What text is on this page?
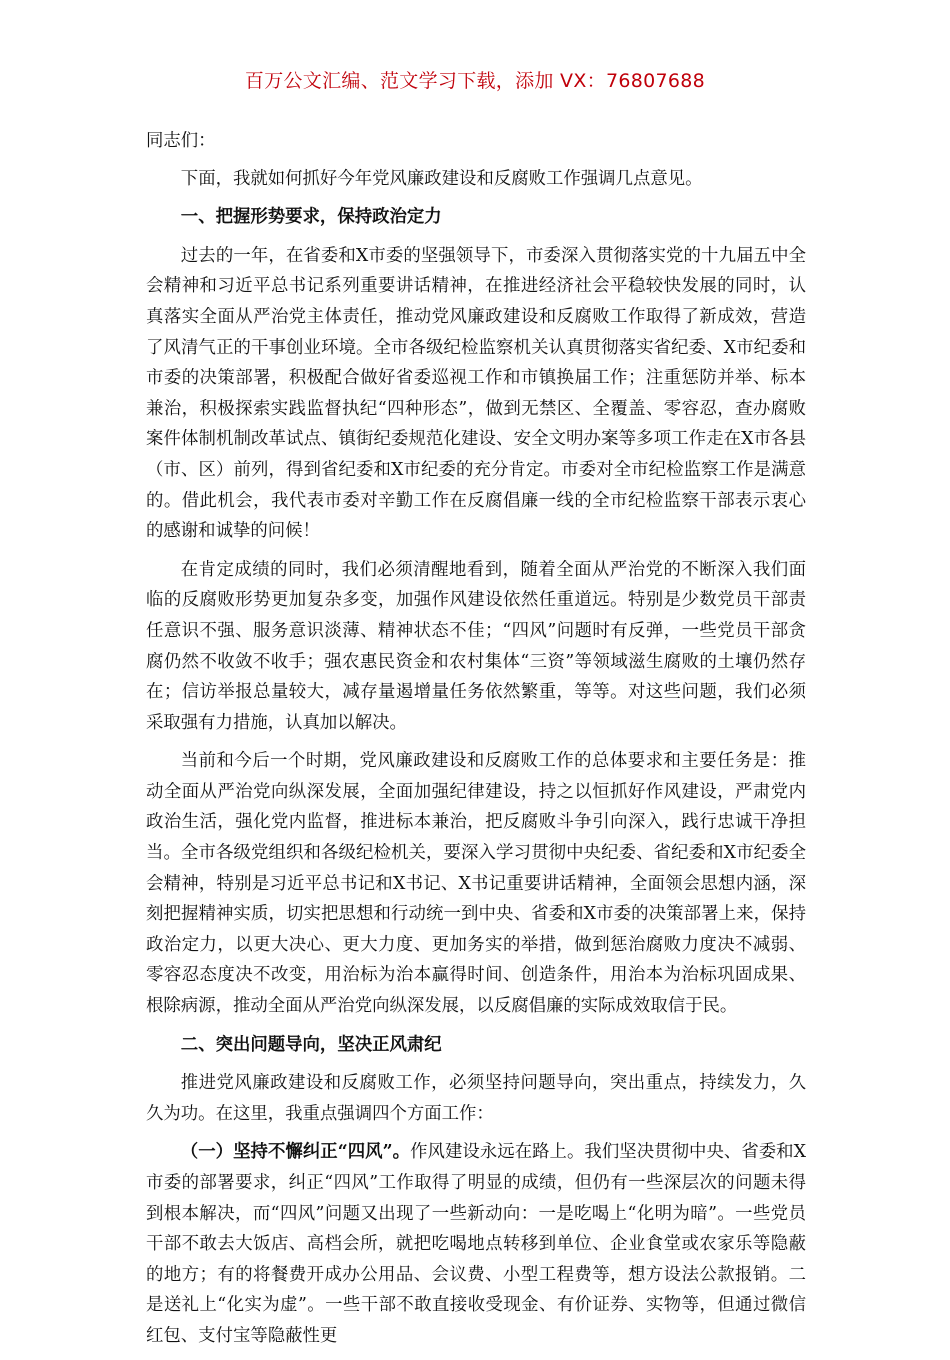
百万公文汇编、范文学习下载，添加 VX：76807688

同志们：

下面，我就如何抓好今年党风廉政建设和反腐败工作强调几点意见。

一、把握形势要求，保持政治定力

过去的一年，在省委和X市委的坚强领导下，市委深入贯彻落实党的十九届五中全会精神和习近平总书记系列重要讲话精神，在推进经济社会平稳较快发展的同时，认真落实全面从严治党主体责任，推动党风廉政建设和反腐败工作取得了新成效，营造了风清气正的干事创业环境。全市各级纪检监察机关认真贯彻落实省纪委、X市纪委和市委的决策部署，积极配合做好省委巡视工作和市镇换届工作；注重惩防并举、标本兼治，积极探索实践监督执纪“四种形态”，做到无禁区、全覆盖、零容忍，查办腐败案件体制机制改革试点、镇街纪委规范化建设、安全文明办案等多项工作走在X市各县（市、区）前列，得到省纪委和X市纪委的充分肯定。市委对全市纪检监察工作是满意的。借此机会，我代表市委对辛勤工作在反腐倡廉一线的全市纪检监察干部表示衷心的感谢和诚挚的问候！

在肯定成绩的同时，我们必须清醒地看到，随着全面从严治党的不断深入我们面临的反腐败形势更加复杂多变，加强作风建设依然任重道远。特别是少数党员干部责任意识不强、服务意识淡薄、精神状态不佳；“四风”问题时有反弹，一些党员干部贪腐仍然不收敛不收手；强农惠民资金和农村集体“三资”等领域滋生腐败的土壤仍然存在；信访举报总量较大，减存量遏增量任务依然繁重，等等。对这些问题，我们必须采取强有力措施，认真加以解决。

当前和今后一个时期，党风廉政建设和反腐败工作的总体要求和主要任务是：推动全面从严治党向纵深发展，全面加强纪律建设，持之以恒抓好作风建设，严肃党内政治生活，强化党内监督，推进标本兼治，把反腐败斗争引向深入，践行忠诚干净担当。全市各级党组织和各级纪检机关，要深入学习贯彻中央纪委、省纪委和X市纪委全会精神，特别是习近平总书记和X书记、X书记重要讲话精神，全面领会思想内涵，深刻把握精神实质，切实把思想和行动统一到中央、省委和X市委的决策部署上来，保持政治定力，以更大决心、更大力度、更加务实的举措，做到惩治腐败力度决不减弱、零容忍态度决不改变，用治标为治本赢得时间、创造条件，用治本为治标巩固成果、根除病源，推动全面从严治党向纵深发展，以反腐倡廉的实际成效取信于民。

二、突出问题导向，坚决正风肃纪

推进党风廉政建设和反腐败工作，必须坚持问题导向，突出重点，持续发力，久久为功。在这里，我重点强调四个方面工作：

（一）坚持不懈纠正“四风”。作风建设永远在路上。我们坚决贯彻中央、省委和X市委的部署要求，纠正“四风”工作取得了明显的成绩，但仍有一些深层次的问题未得到根本解决，而“四风”问题又出现了一些新动向：一是吃喝上“化明为暗”。一些党员干部不敢去大饭店、高档会所，就把吃喝地点转移到单位、企业食堂或农家乐等隐蔽的地方；有的将餐费开成办公用品、会议费、小型工程费等，想方设法公款报销。二是送礼上“化实为虚”。一些干部不敢直接收受现金、有价证券、实物等，但通过微信红包、支付宝等隐蔽性更
